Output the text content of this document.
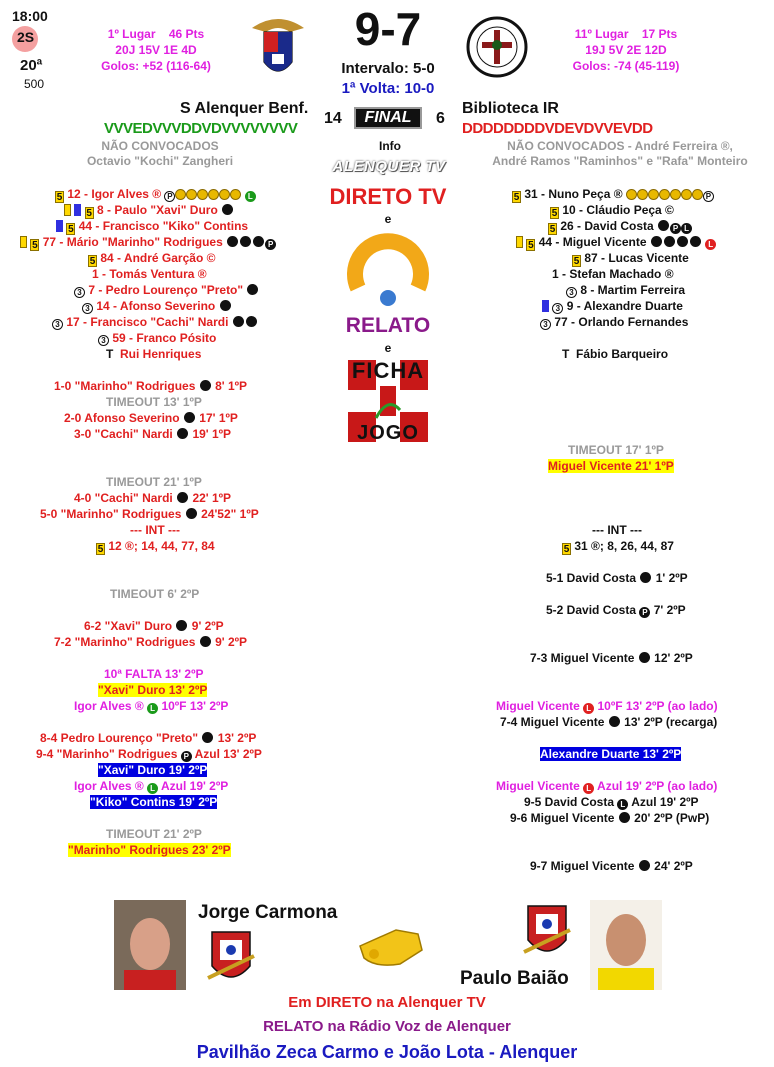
18:00
2S
20ª
500
1º Lugar 46 Pts
20J 15V 1E 4D
Golos: +52 (116-64)
9-7
Intervalo: 5-0
1ª Volta: 10-0
11º Lugar 17 Pts
19J 5V 2E 12D
Golos: -74 (45-119)
S Alenquer Benf.	Biblioteca IR
14	FINAL	6
VVVEDVVVDDVDVVVVVVVV	DDDDDDDDVDEVDVVEVDD
Info
NÃO CONVOCADOS
Octavio "Kochi" Zangheri
NÃO CONVOCADOS - André Ferreira ®,
André Ramos "Raminhos" e "Rafa" Monteiro
ALENQUER TV
DIRETO TV
e
RELATO
e
FICHA
JOGO
5 12 - Igor Alves ® P	L
5 8 - Paulo "Xavi" Duro
5 44 - Francisco "Kiko" Contins
5 77 - Mário "Marinho" Rodrigues	P
5 84 - André Garção ©
1 - Tomás Ventura ®
3 7 - Pedro Lourenço "Preto"
3 14 - Afonso Severino
3 17 - Francisco "Cachi" Nardi
3 59 - Franco Pósito
T Rui Henriques
5 31 - Nuno Peça ®	P
5 10 - Cláudio Peça ©
5 26 - David Costa P L
5 44 - Miguel Vicente	L
5 87 - Lucas Vicente
1 - Stefan Machado ®
3 8 - Martim Ferreira
3 9 - Alexandre Duarte
3 77 - Orlando Fernandes
T Fábio Barqueiro
1-0 "Marinho" Rodrigues 8' 1ºP
TIMEOUT 13' 1ºP
2-0 Afonso Severino 17' 1ºP
3-0 "Cachi" Nardi 19' 1ºP
TIMEOUT 21' 1ºP
4-0 "Cachi" Nardi 22' 1ºP
5-0 "Marinho" Rodrigues 24'52" 1ºP
--- INT ---
5 12 ®; 14, 44, 77, 84
TIMEOUT 6' 2ºP
6-2 "Xavi" Duro 9' 2ºP
7-2 "Marinho" Rodrigues 9' 2ºP
10ª FALTA 13' 2ºP
"Xavi" Duro 13' 2ºP
Igor Alves ® L 10ºF 13' 2ºP
8-4 Pedro Lourenço "Preto" 13' 2ºP
9-4 "Marinho" Rodrigues P Azul 13' 2ºP
"Xavi" Duro 19' 2ºP
Igor Alves ® L Azul 19' 2ºP
"Kiko" Contins 19' 2ºP
TIMEOUT 21' 2ºP
"Marinho" Rodrigues 23' 2ºP
TIMEOUT 17' 1ºP
Miguel Vicente 21' 1ºP
--- INT ---
5 31 ®; 8, 26, 44, 87
5-1 David Costa 1' 2ºP
5-2 David Costa P 7' 2ºP
7-3 Miguel Vicente 12' 2ºP
Miguel Vicente L 10ºF 13' 2ºP (ao lado)
7-4 Miguel Vicente 13' 2ºP (recarga)
Alexandre Duarte 13' 2ºP
Miguel Vicente L Azul 19' 2ºP (ao lado)
9-5 David Costa L Azul 19' 2ºP
9-6 Miguel Vicente 20' 2ºP (PwP)
9-7 Miguel Vicente 24' 2ºP
Jorge Carmona
Paulo Baião
Em DIRETO na Alenquer TV
RELATO na Rádio Voz de Alenquer
Pavilhão Zeca Carmo e João Lota - Alenquer
